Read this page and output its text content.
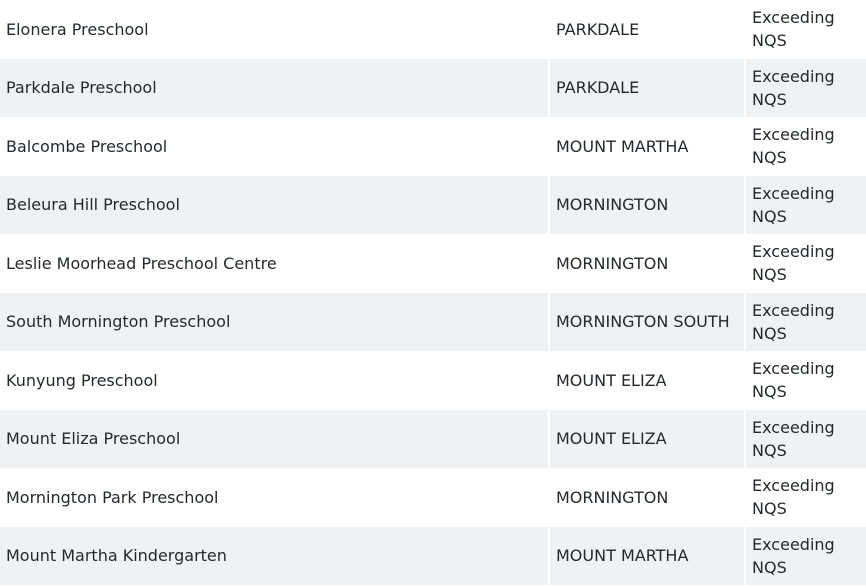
Elonera Preschool	PARKDALE	Exceeding
NQS

Parkdale Preschool	PARKDALE	Exceeding
NQS

Balcombe Preschool	MOUNT MARTHA	Exceeding
NQS

Beleura Hill Preschool	MORNINGTON	Exceeding
NQS

Leslie Moorhead Preschool Centre	MORNINGTON	Exceeding
NQS

South Mornington Preschool	MORNINGTON SOUTH	Exceeding
NQS

Kunyung Preschool	MOUNT ELIZA	Exceeding
NQS

Mount Eliza Preschool	MOUNT ELIZA	Exceeding
NQS

Mornington Park Preschool	MORNINGTON	Exceeding
NQS

Mount Martha Kindergarten	MOUNT MARTHA	Exceeding
NQS
